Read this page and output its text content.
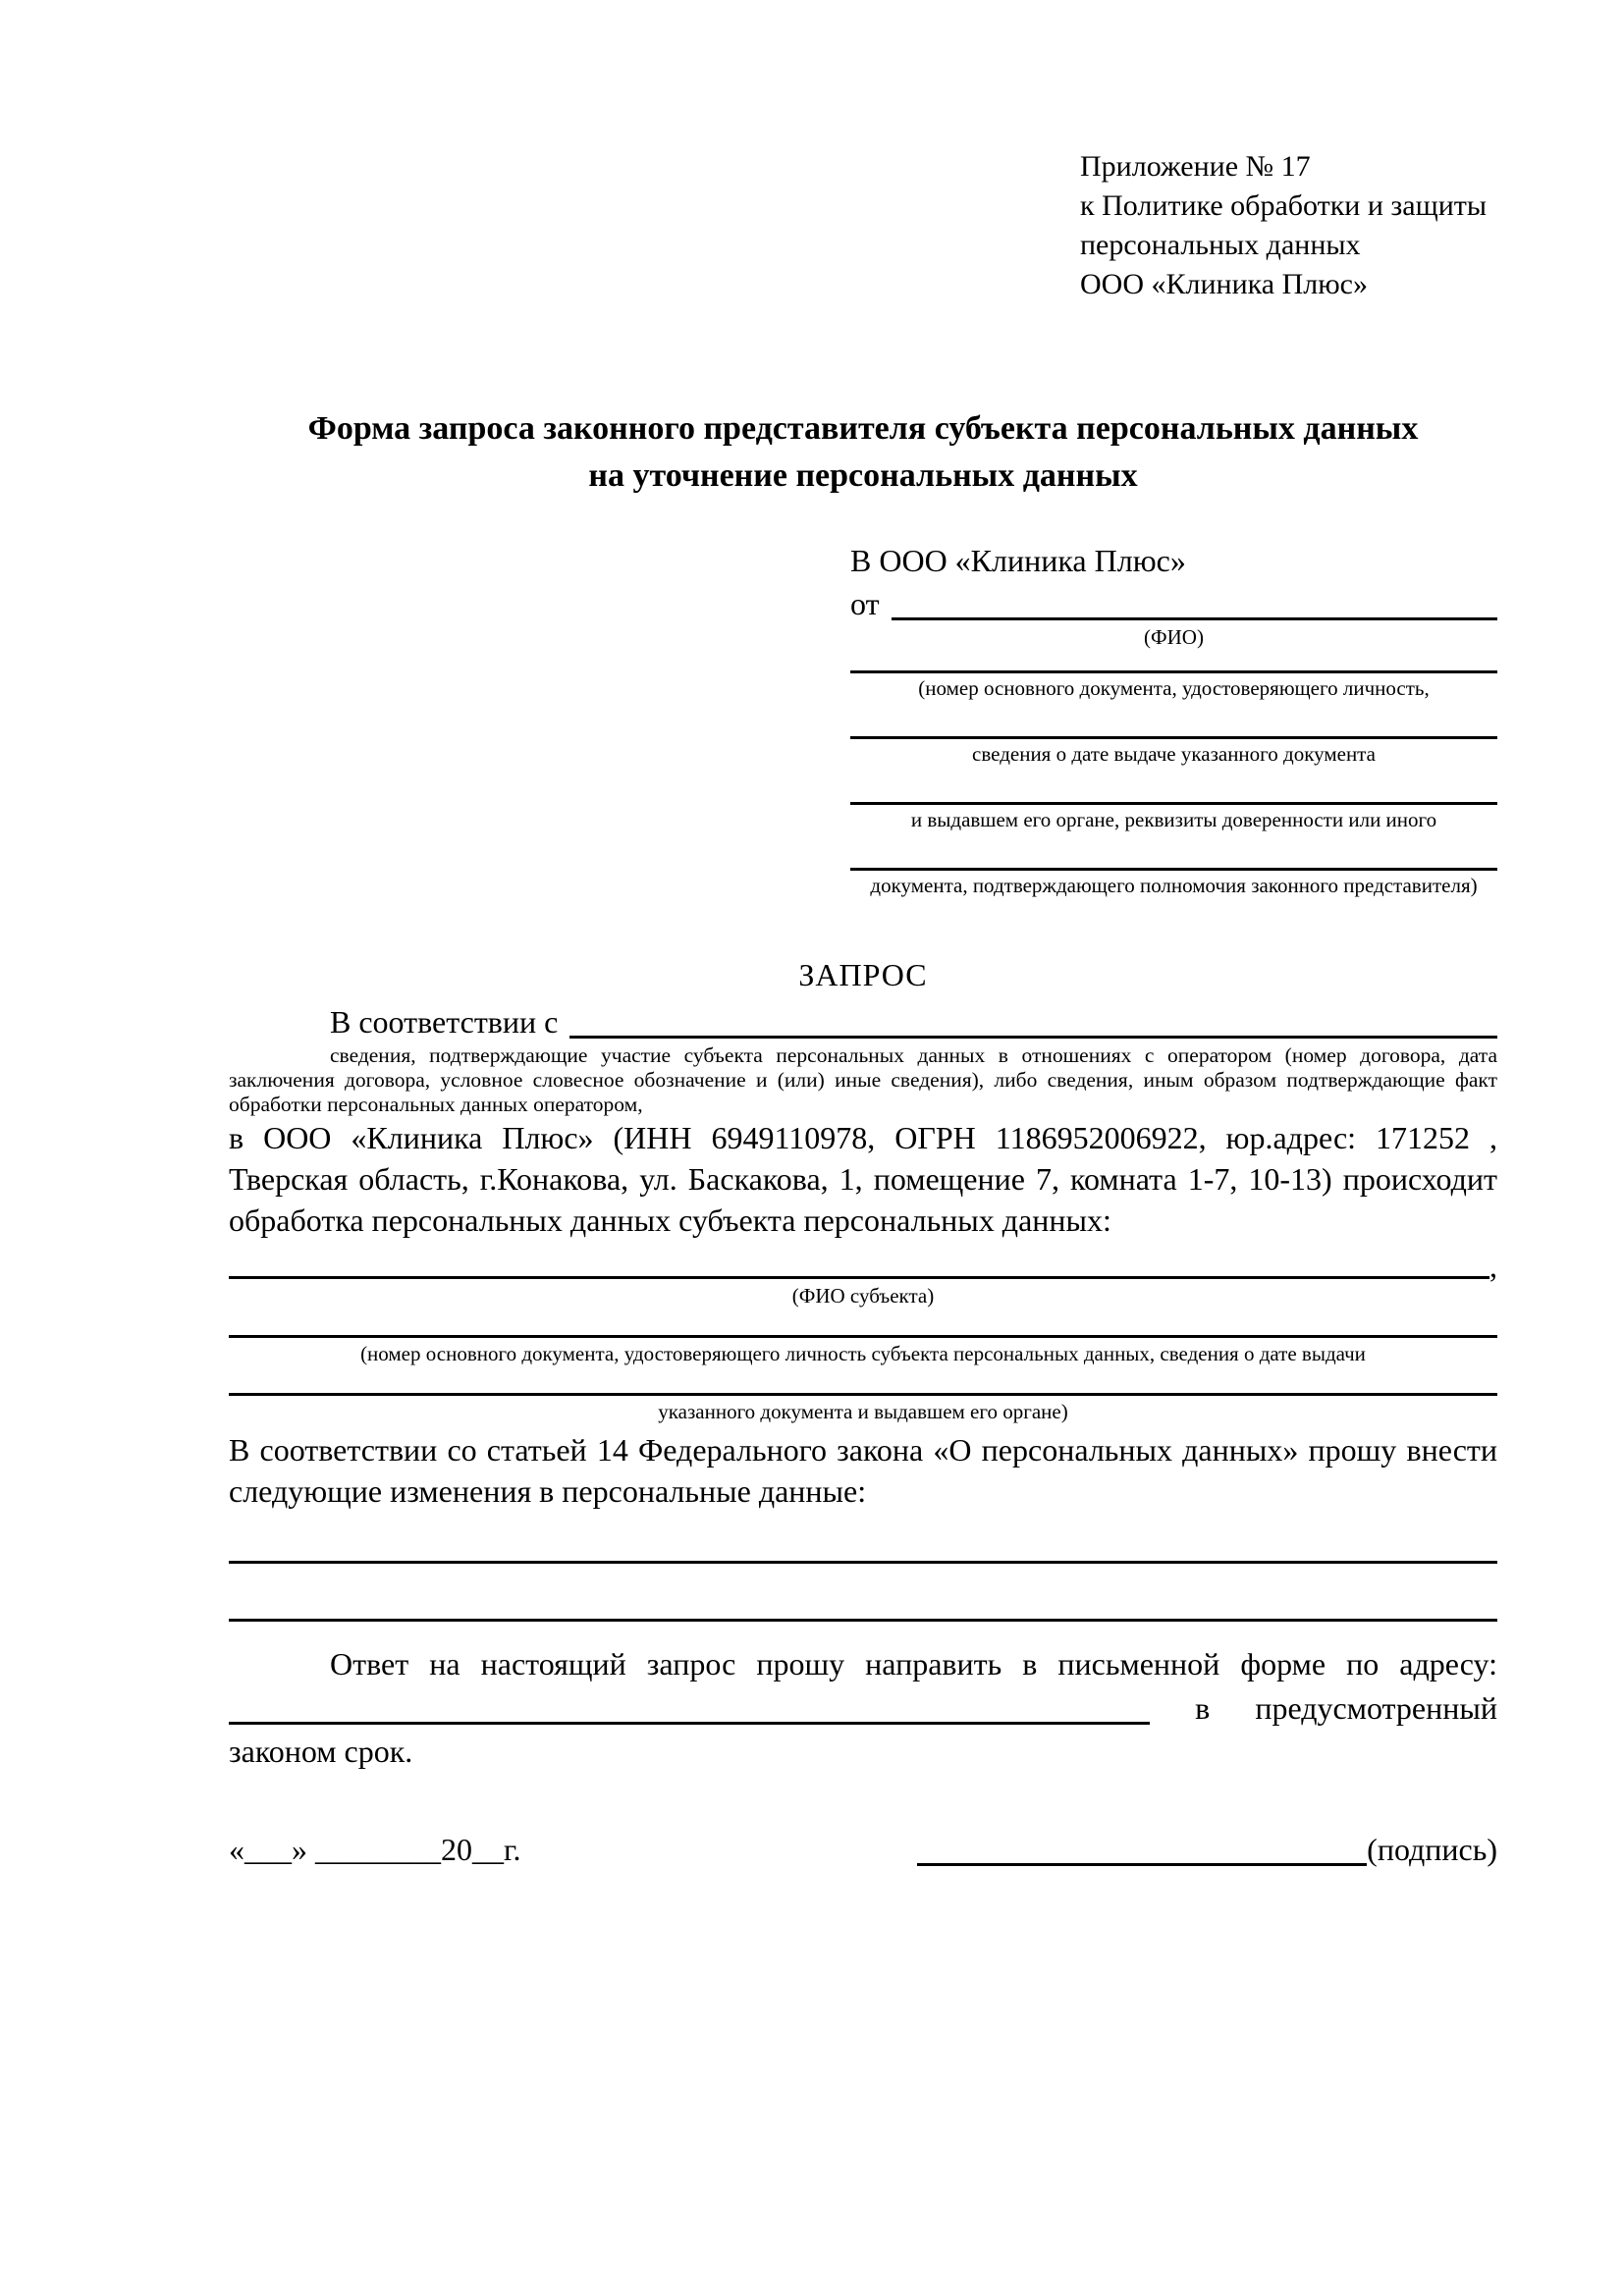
Приложение № 17
к Политике обработки и защиты
персональных данных
ООО «Клиника Плюс»
Форма запроса законного представителя субъекта персональных данных
на уточнение персональных данных
В ООО «Клиника Плюс»
от
(ФИО)
(номер основного документа, удостоверяющего личность,
сведения о дате выдаче указанного документа
и выдавшем его органе, реквизиты доверенности или иного
документа, подтверждающего полномочия законного представителя)
ЗАПРОС
В соответствии с

сведения, подтверждающие участие субъекта персональных данных в отношениях с оператором (номер договора, дата заключения договора, условное словесное обозначение и (или) иные сведения), либо сведения, иным образом подтверждающие факт обработки персональных данных оператором,

в ООО «Клиника Плюс» (ИНН 6949110978, ОГРН 1186952006922, юр.адрес: 171252 , Тверская область, г.Конакова, ул. Баскакова, 1, помещение 7, комната 1-7, 10-13) происходит обработка персональных данных субъекта персональных данных:

,
(ФИО субъекта)
(номер основного документа, удостоверяющего личность субъекта персональных данных, сведения о дате выдачи
указанного документа и выдавшем его органе)

В соответствии со статьей 14 Федерального закона «О персональных данных» прошу внести следующие изменения в персональные данные:

Ответ на настоящий запрос прошу направить в письменной форме по адресу:

в предусмотренный

законом срок.

«___» ________20__г.	(подпись)
